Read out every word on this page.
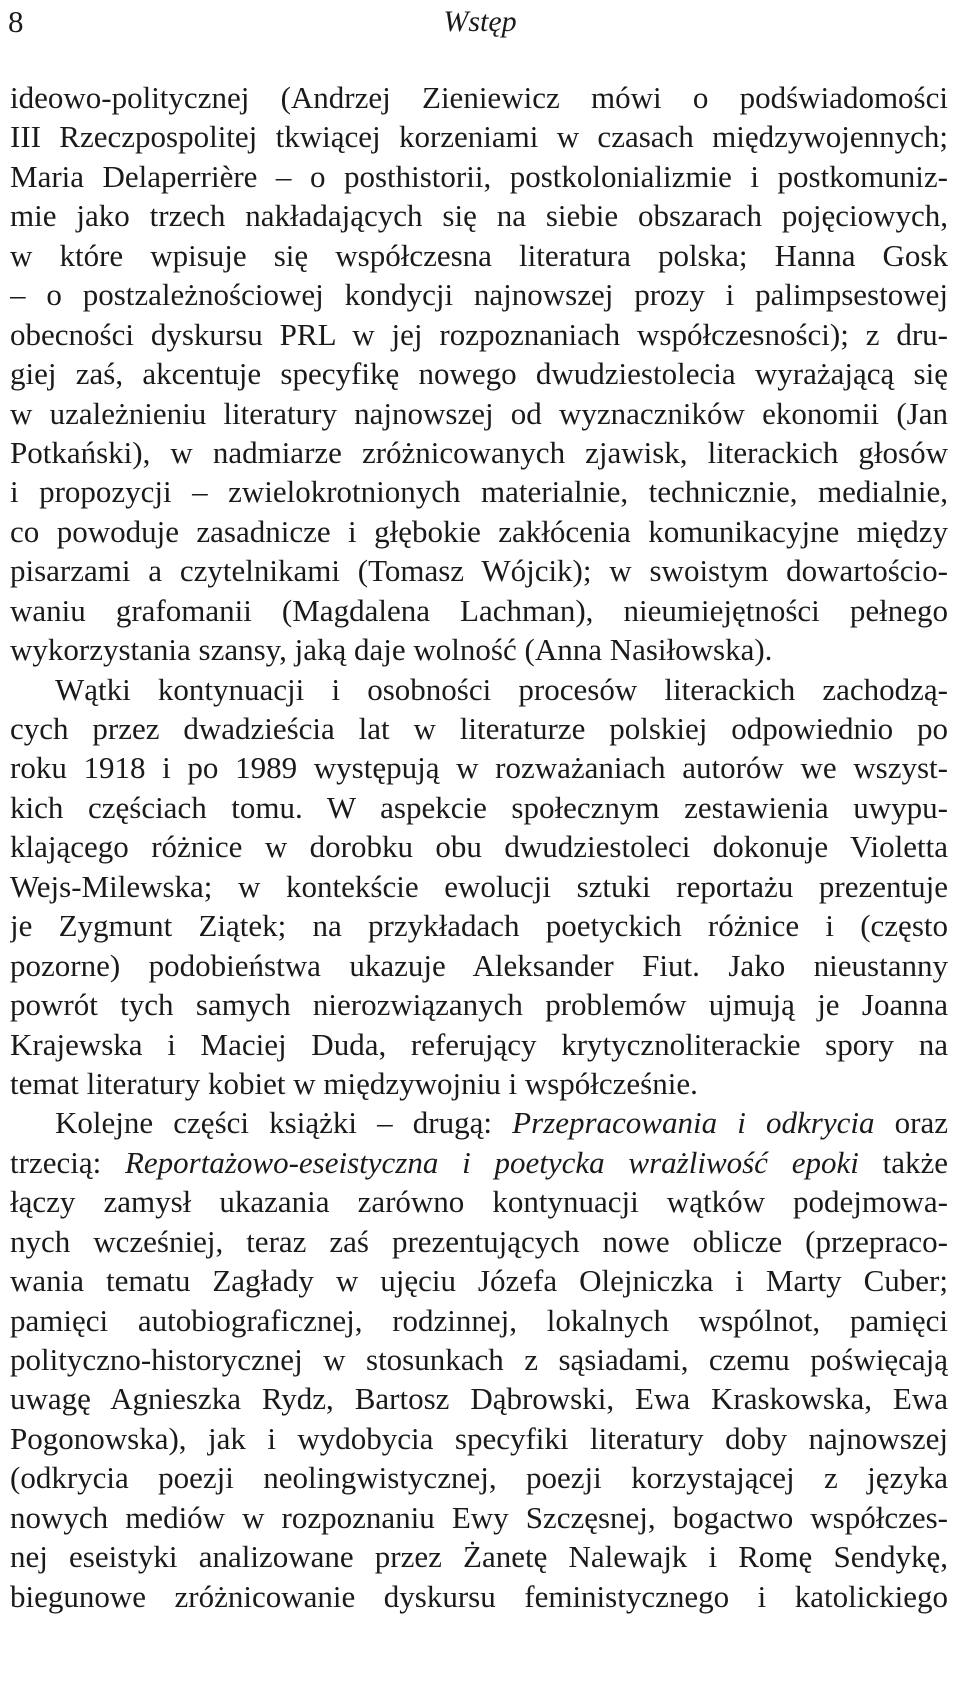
8	Wstęp
ideowo-politycznej (Andrzej Zieniewicz mówi o podświadomości
III Rzeczpospolitej tkwiącej korzeniami w czasach międzywojennych;
Maria Delaperrière – o posthistorii, postkolonializmie i postkomuniz-
mie jako trzech nakładających się na siebie obszarach pojęciowych,
w które wpisuje się współczesna literatura polska; Hanna Gosk
– o postzależnościowej kondycji najnowszej prozy i palimpsestowej
obecności dyskursu PRL w jej rozpoznaniach współczesności); z dru-
giej zaś, akcentuje specyfikę nowego dwudziestolecia wyrażającą się
w uzależnieniu literatury najnowszej od wyznaczników ekonomii (Jan
Potkański), w nadmiarze zróżnicowanych zjawisk, literackich głosów
i propozycji – zwielokrotnionych materialnie, technicznie, medialnie,
co powoduje zasadnicze i głębokie zakłócenia komunikacyjne między
pisarzami a czytelnikami (Tomasz Wójcik); w swoistym dowartościo-
waniu grafomanii (Magdalena Lachman), nieumiejętności pełnego
wykorzystania szansy, jaką daje wolność (Anna Nasiłowska).
Wątki kontynuacji i osobności procesów literackich zachodzą-
cych przez dwadzieścia lat w literaturze polskiej odpowiednio po
roku 1918 i po 1989 występują w rozważaniach autorów we wszyst-
kich częściach tomu. W aspekcie społecznym zestawienia uwypu-
klającego różnice w dorobku obu dwudziestoleci dokonuje Violetta
Wejs-Milewska; w kontekście ewolucji sztuki reportażu prezentuje
je Zygmunt Ziątek; na przykładach poetyckich różnice i (często
pozorne) podobieństwa ukazuje Aleksander Fiut. Jako nieustanny
powrót tych samych nierozwiązanych problemów ujmują je Joanna
Krajewska i Maciej Duda, referujący krytycznoliterackie spory na
temat literatury kobiet w międzywojniu i współcześnie.
Kolejne części książki – drugą: Przepracowania i odkrycia oraz
trzecią: Reportażowo-eseistyczna i poetycka wrażliwość epoki także
łączy zamysł ukazania zarówno kontynuacji wątków podejmowa-
nych wcześniej, teraz zaś prezentujących nowe oblicze (przepraco-
wania tematu Zagłady w ujęciu Józefa Olejniczka i Marty Cuber;
pamięci autobiograficznej, rodzinnej, lokalnych wspólnot, pamięci
polityczno-historycznej w stosunkach z sąsiadami, czemu poświęcają
uwagę Agnieszka Rydz, Bartosz Dąbrowski, Ewa Kraskowska, Ewa
Pogonowska), jak i wydobycia specyfiki literatury doby najnowszej
(odkrycia poezji neolingwistycznej, poezji korzystającej z języka
nowych mediów w rozpoznaniu Ewy Szczęsnej, bogactwo współczes-
nej eseistyki analizowane przez Żanetę Nalewajk i Romę Sendykę,
biegunowe zróżnicowanie dyskursu feministycznego i katolickiego
